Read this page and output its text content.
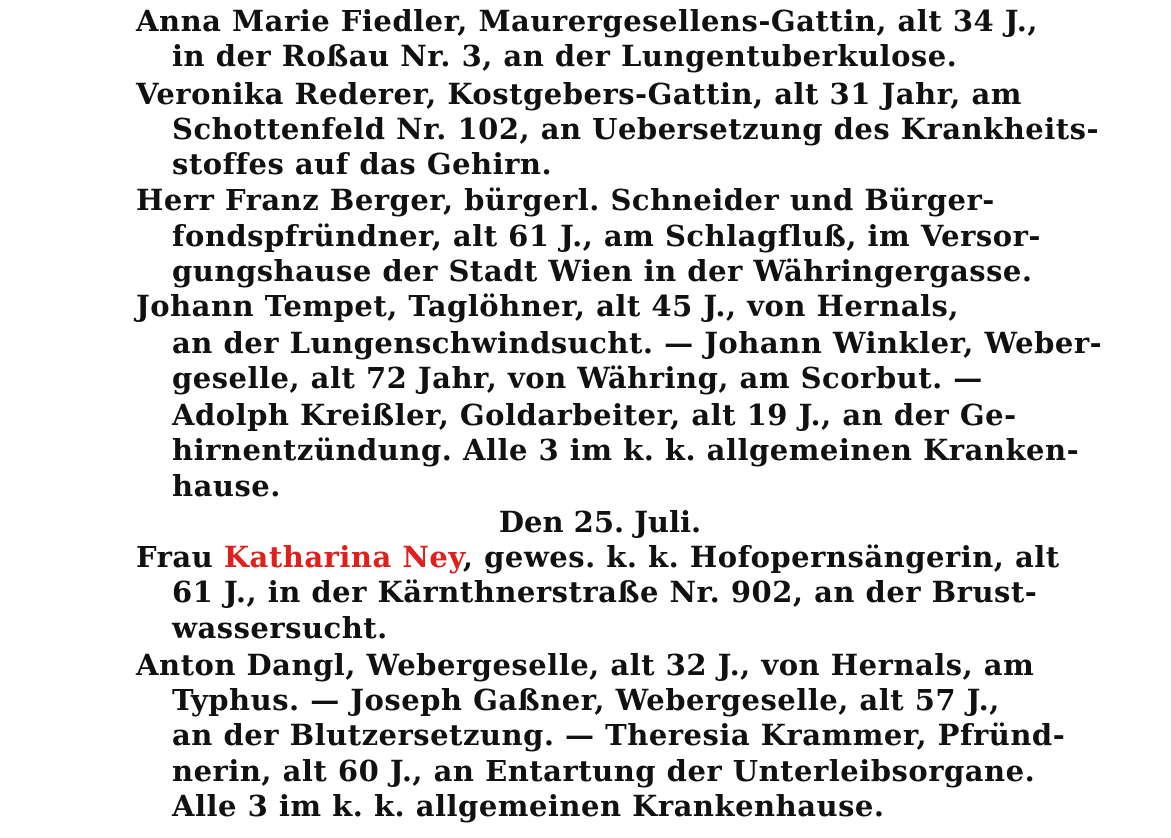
Anna Marie Fiedler, Maurergesellens-Gattin, alt 34 J.,
in der Roßau Nr. 3, an der Lungentuberkulose.
Veronika Rederer, Kostgebers-Gattin, alt 31 Jahr, am
Schottenfeld Nr. 102, an Uebersetzung des Krankheits-
stoffes auf das Gehirn.
Herr Franz Berger, bürgerl. Schneider und Bürger-
fondspfründner, alt 61 J., am Schlagfluß, im Versor-
gungshause der Stadt Wien in der Währingergasse.
Johann Tempet, Taglöhner, alt 45 J., von Hernals,
an der Lungenschwindsucht. — Johann Winkler, Weber-
geselle, alt 72 Jahr, von Währing, am Scorbut. —
Adolph Kreißler, Goldarbeiter, alt 19 J., an der Ge-
hirnentzündung. Alle 3 im k. k. allgemeinen Kranken-
hause.
Den 25. Juli.
Frau Katharina Ney, gewes. k. k. Hofopernsängerin, alt
61 J., in der Kärnthnerstraße Nr. 902, an der Brust-
wassersucht.
Anton Dangl, Webergeselle, alt 32 J., von Hernals, am
Typhus. — Joseph Gaßner, Webergeselle, alt 57 J.,
an der Blutzersetzung. — Theresia Krammer, Pfründ-
nerin, alt 60 J., an Entartung der Unterleibsorgane.
Alle 3 im k. k. allgemeinen Krankenhause.
